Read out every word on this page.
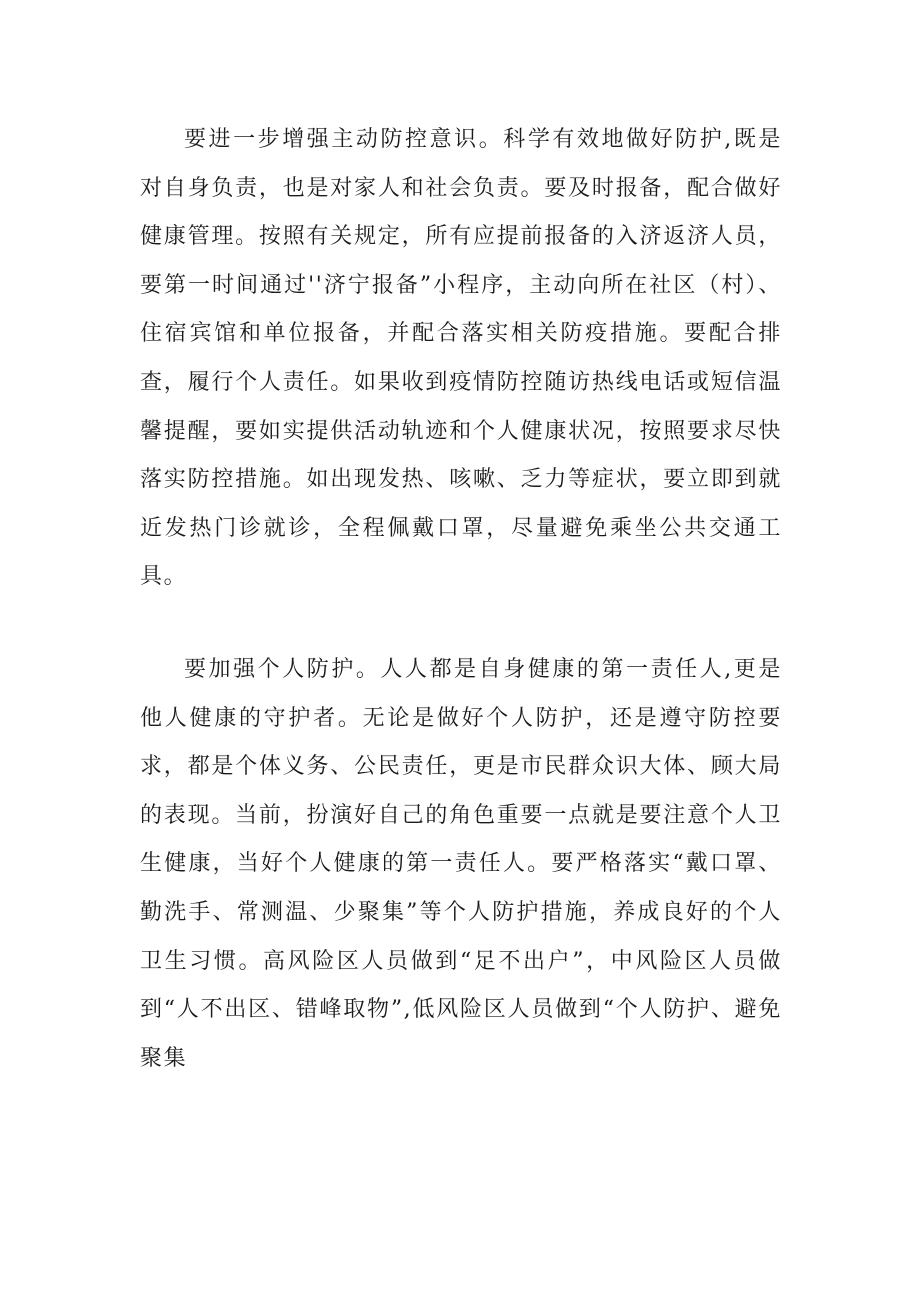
要进一步增强主动防控意识。科学有效地做好防护,既是对自身负责，也是对家人和社会负责。要及时报备，配合做好健康管理。按照有关规定，所有应提前报备的入济返济人员，要第一时间通过''济宁报备”小程序，主动向所在社区（村）、住宿宾馆和单位报备，并配合落实相关防疫措施。要配合排查，履行个人责任。如果收到疫情防控随访热线电话或短信温馨提醒，要如实提供活动轨迹和个人健康状况，按照要求尽快落实防控措施。如出现发热、咳嗽、乏力等症状，要立即到就近发热门诊就诊，全程佩戴口罩，尽量避免乘坐公共交通工具。

要加强个人防护。人人都是自身健康的第一责任人,更是他人健康的守护者。无论是做好个人防护，还是遵守防控要求，都是个体义务、公民责任，更是市民群众识大体、顾大局的表现。当前，扮演好自己的角色重要一点就是要注意个人卫生健康，当好个人健康的第一责任人。要严格落实“戴口罩、勤洗手、常测温、少聚集”等个人防护措施，养成良好的个人卫生习惯。高风险区人员做到“足不出户”，中风险区人员做到“人不出区、错峰取物”,低风险区人员做到“个人防护、避免聚集
